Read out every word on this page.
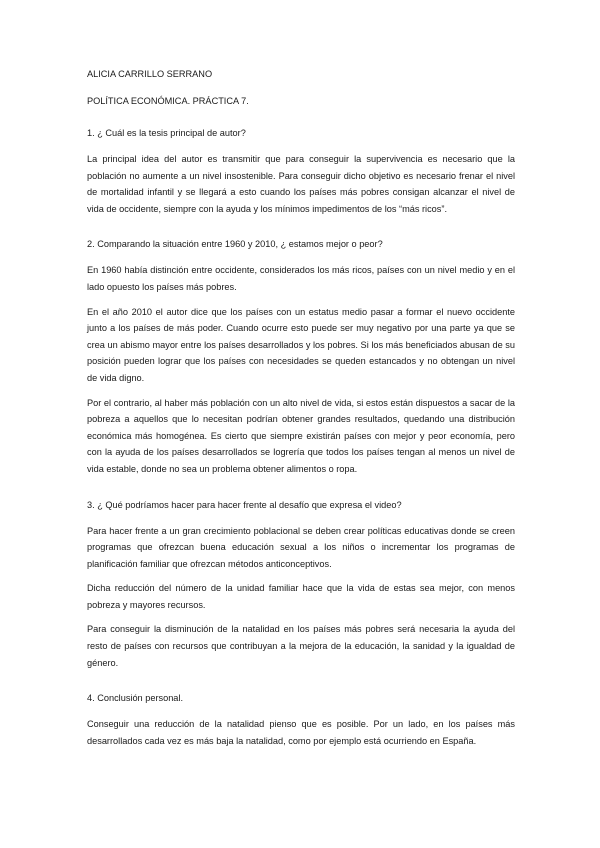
ALICIA CARRILLO SERRANO

POLÍTICA ECONÓMICA. PRÁCTICA 7.

1. ¿ Cuál es la tesis principal de autor?

La principal idea del autor es transmitir que para conseguir la supervivencia es necesario que la población no aumente a un nivel insostenible. Para conseguir dicho objetivo es necesario frenar el nivel de mortalidad infantil y se llegará a esto cuando los países más pobres consigan alcanzar el nivel de vida de occidente, siempre con la ayuda y los mínimos impedimentos de los “más ricos”.

2. Comparando la situación entre 1960 y 2010, ¿ estamos mejor o peor?

En 1960 había distinción entre occidente, considerados los más ricos, países con un nivel medio y en el lado opuesto los países más pobres.

En el año 2010 el autor dice que los países con un estatus medio pasar a formar el nuevo occidente junto a los países de más poder. Cuando ocurre esto puede ser muy negativo por una parte ya que se crea un abismo mayor entre los países desarrollados y los pobres. Si los más beneficiados abusan de su posición pueden lograr que los países con necesidades se queden estancados y no obtengan un nivel de vida digno.

Por el contrario, al haber más población con un alto nivel de vida, si estos están dispuestos a sacar de la pobreza a aquellos que lo necesitan podrían obtener grandes resultados, quedando una distribución económica más homogénea. Es cierto que siempre existirán países con mejor y peor economía, pero con la ayuda de los países desarrollados se logrería que todos los países tengan al menos un nivel de vida estable, donde no sea un problema obtener alimentos o ropa.

3. ¿ Qué podríamos hacer para hacer frente al desafío que expresa el video?

Para hacer frente a un gran crecimiento poblacional se deben crear políticas educativas donde se creen programas que ofrezcan buena educación sexual a los niños o incrementar los programas de planificación familiar que ofrezcan métodos anticonceptivos.

Dicha reducción del número de la unidad familiar hace que la vida de estas sea mejor, con menos pobreza y mayores recursos.

Para conseguir la disminución de la natalidad en los países más pobres será necesaria la ayuda del resto de países con recursos que contribuyan a la mejora de la educación, la sanidad y la igualdad de género.

4. Conclusión personal.

Conseguir una reducción de la natalidad pienso que es posible. Por un lado, en los países más desarrollados cada vez es más baja la natalidad, como por ejemplo está ocurriendo en España.
